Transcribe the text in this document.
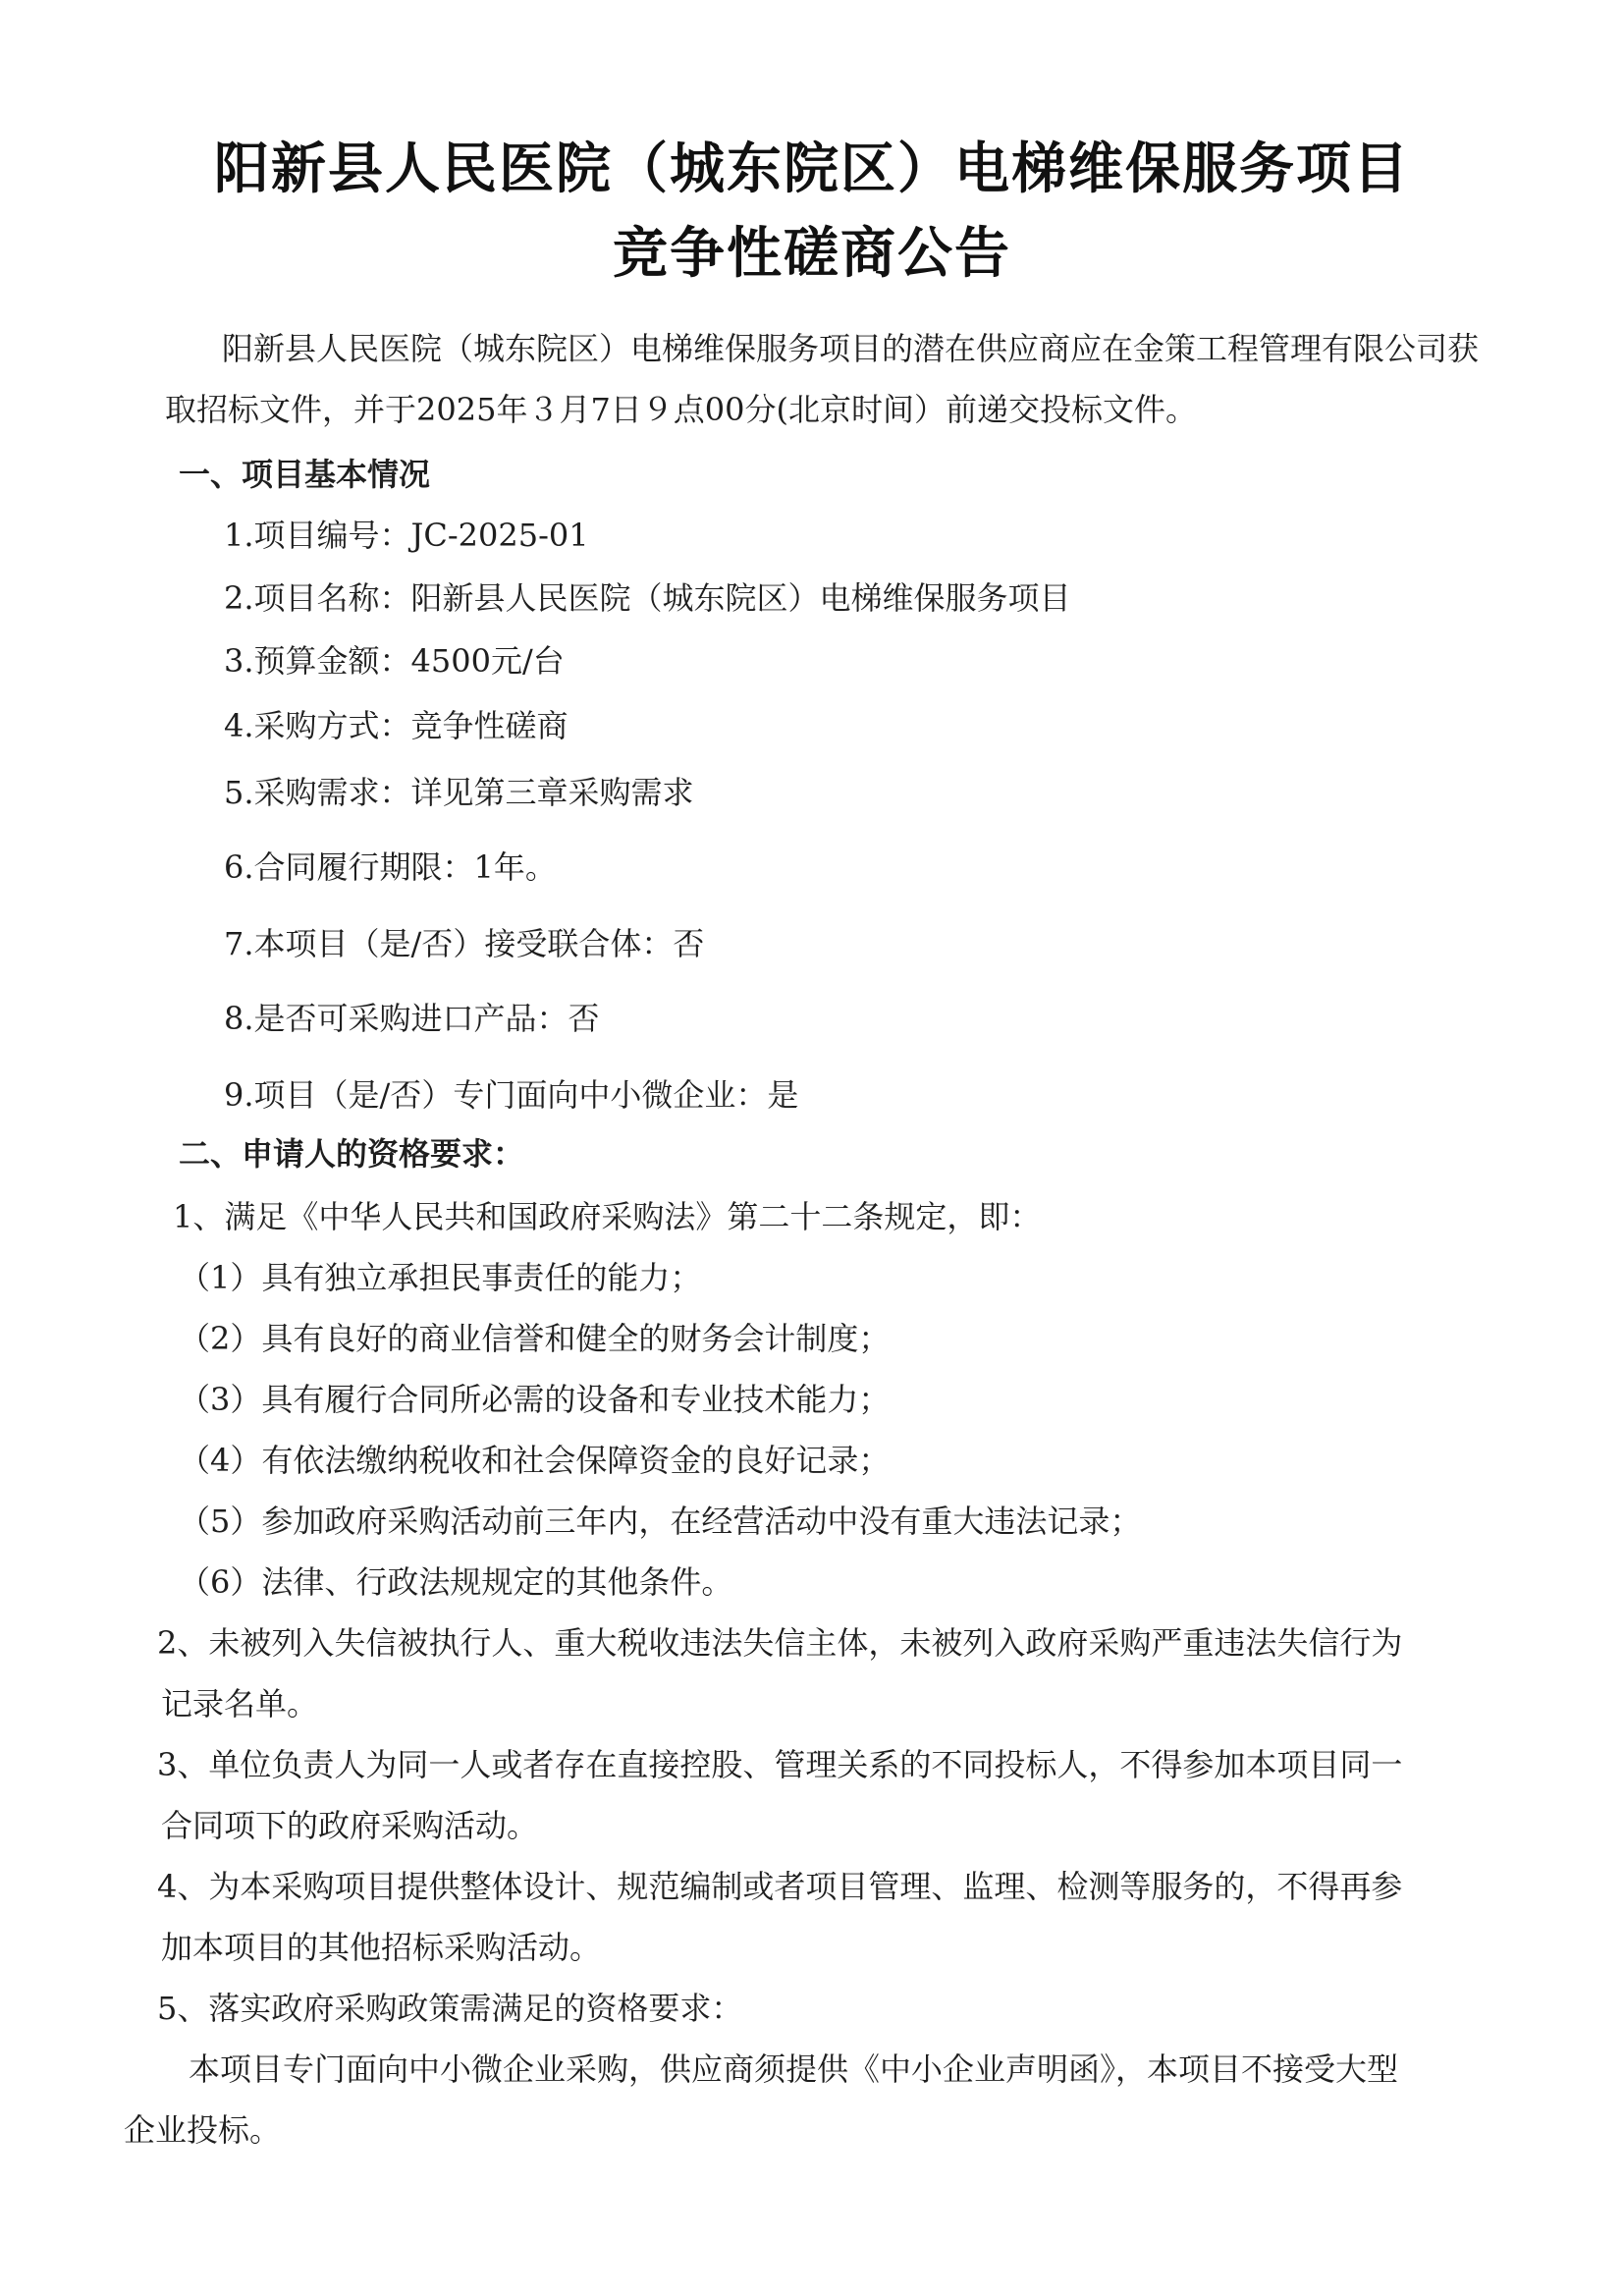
阳新县人民医院（城东院区）电梯维保服务项目
竞争性磋商公告
阳新县人民医院（城东院区）电梯维保服务项目的潜在供应商应在金策工程管理有限公司获
取招标文件，并于2025年３月7日９点00分(北京时间）前递交投标文件。
一、项目基本情况
1.项目编号：JC-2025-01
2.项目名称：阳新县人民医院（城东院区）电梯维保服务项目
3.预算金额：4500元/台
4.采购方式：竞争性磋商
5.采购需求：详见第三章采购需求
6.合同履行期限：1年。
7.本项目（是/否）接受联合体：否
8.是否可采购进口产品：否
9.项目（是/否）专门面向中小微企业：是
二、申请人的资格要求：
1、满足《中华人民共和国政府采购法》第二十二条规定，即：
（1）具有独立承担民事责任的能力；
（2）具有良好的商业信誉和健全的财务会计制度；
（3）具有履行合同所必需的设备和专业技术能力；
（4）有依法缴纳税收和社会保障资金的良好记录；
（5）参加政府采购活动前三年内，在经营活动中没有重大违法记录；
（6）法律、行政法规规定的其他条件。
2、未被列入失信被执行人、重大税收违法失信主体，未被列入政府采购严重违法失信行为
记录名单。
3、单位负责人为同一人或者存在直接控股、管理关系的不同投标人，不得参加本项目同一
合同项下的政府采购活动。
4、为本采购项目提供整体设计、规范编制或者项目管理、监理、检测等服务的，不得再参
加本项目的其他招标采购活动。
5、落实政府采购政策需满足的资格要求：
本项目专门面向中小微企业采购，供应商须提供《中小企业声明函》，本项目不接受大型
企业投标。
